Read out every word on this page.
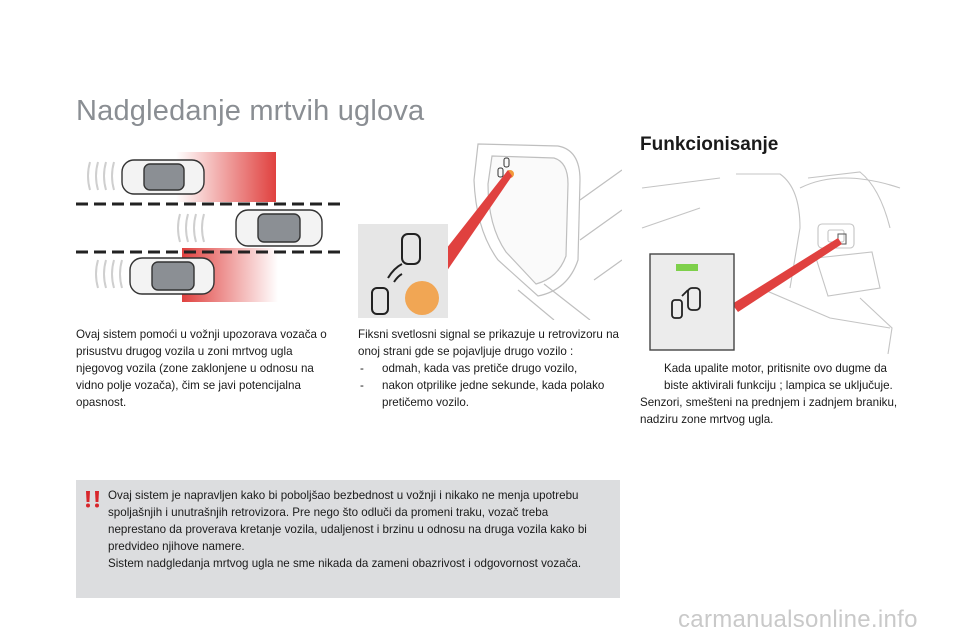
Nadgledanje mrtvih uglova
Funkcionisanje
Ovaj sistem pomoći u vožnji upozorava vozača o prisustvu drugog vozila u zoni mrtvog ugla njegovog vozila (zone zaklonjene u odnosu na vidno polje vozača), čim se javi potencijalna opasnost.
Fiksni svetlosni signal se prikazuje u retrovizoru na onoj strani gde se pojavljuje drugo vozilo :
- odmah, kada vas pretiče drugo vozilo,
- nakon otprilike jedne sekunde, kada polako pretičemo vozilo.
Kada upalite motor, pritisnite ovo dugme da biste aktivirali funkciju ; lampica se uključuje.
Senzori, smešteni na prednjem i zadnjem braniku, nadziru zone mrtvog ugla.
Ovaj sistem je napravljen kako bi poboljšao bezbednost u vožnji i nikako ne menja upotrebu spoljašnjih i unutrašnjih retrovizora. Pre nego što odluči da promeni traku, vozač treba neprestano da proverava kretanje vozila, udaljenost i brzinu u odnosu na druga vozila kako bi predvideo njihove namere.
Sistem nadgledanja mrtvog ugla ne sme nikada da zameni obazrivost i odgovornost vozača.
carmanualsonline.info
